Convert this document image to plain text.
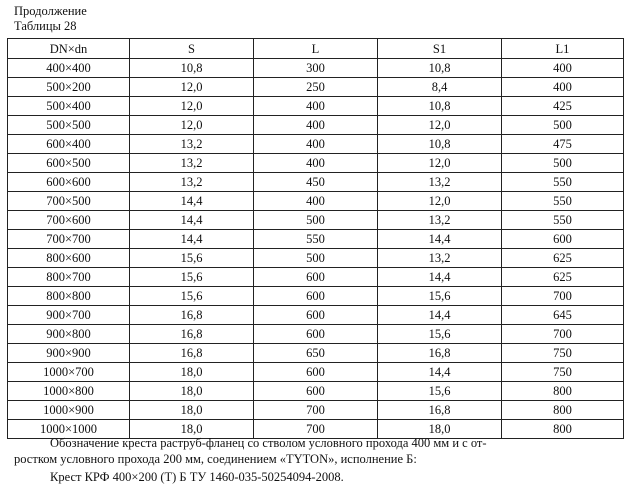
Продолжение
Таблицы 28
DN×dn	S	L	S1	L1
400×400	10,8	300	10,8	400
500×200	12,0	250	8,4	400
500×400	12,0	400	10,8	425
500×500	12,0	400	12,0	500
600×400	13,2	400	10,8	475
600×500	13,2	400	12,0	500
600×600	13,2	450	13,2	550
700×500	14,4	400	12,0	550
700×600	14,4	500	13,2	550
700×700	14,4	550	14,4	600
800×600	15,6	500	13,2	625
800×700	15,6	600	14,4	625
800×800	15,6	600	15,6	700
900×700	16,8	600	14,4	645
900×800	16,8	600	15,6	700
900×900	16,8	650	16,8	750
1000×700	18,0	600	14,4	750
1000×800	18,0	600	15,6	800
1000×900	18,0	700	16,8	800
1000×1000	18,0	700	18,0	800
Обозначение креста раструб-фланец со стволом условного прохода 400 мм и с от-
ростком условного прохода 200 мм, соединением «TYTON», исполнение Б:
Крест КРФ 400×200 (Т) Б ТУ 1460-035-50254094-2008.
